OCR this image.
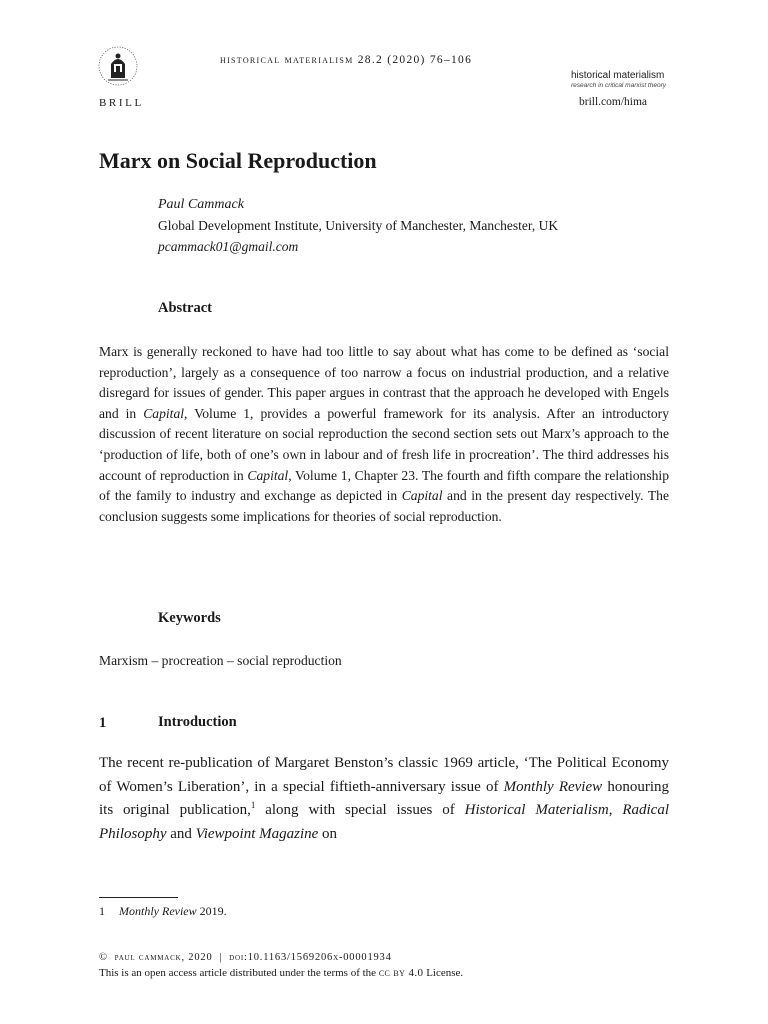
BRILL
historical materialism 28.2 (2020) 76–106
historical materialism
research in critical marxist theory
brill.com/hima
Marx on Social Reproduction
Paul Cammack
Global Development Institute, University of Manchester, Manchester, UK
pcammack01@gmail.com
Abstract

Marx is generally reckoned to have had too little to say about what has come to be defined as ‘social reproduction’, largely as a consequence of too narrow a focus on industrial production, and a relative disregard for issues of gender. This paper argues in contrast that the approach he developed with Engels and in Capital, Volume 1, provides a powerful framework for its analysis. After an introductory discussion of recent literature on social reproduction the second section sets out Marx’s approach to the ‘production of life, both of one’s own in labour and of fresh life in procreation’. The third addresses his account of reproduction in Capital, Volume 1, Chapter 23. The fourth and fifth compare the relationship of the family to industry and exchange as depicted in Capital and in the present day respectively. The conclusion suggests some implications for theories of social reproduction.

Keywords

Marxism – procreation – social reproduction

1	Introduction

The recent re-publication of Margaret Benston’s classic 1969 article, ‘The Political Economy of Women’s Liberation’, in a special fiftieth-anniversary issue of Monthly Review honouring its original publication,$^1$ along with special issues of Historical Materialism, Radical Philosophy and Viewpoint Magazine on

1 Monthly Review 2019.
© paul cammack, 2020 | doi:10.1163/1569206x-00001934
This is an open access article distributed under the terms of the cc by 4.0 License.
